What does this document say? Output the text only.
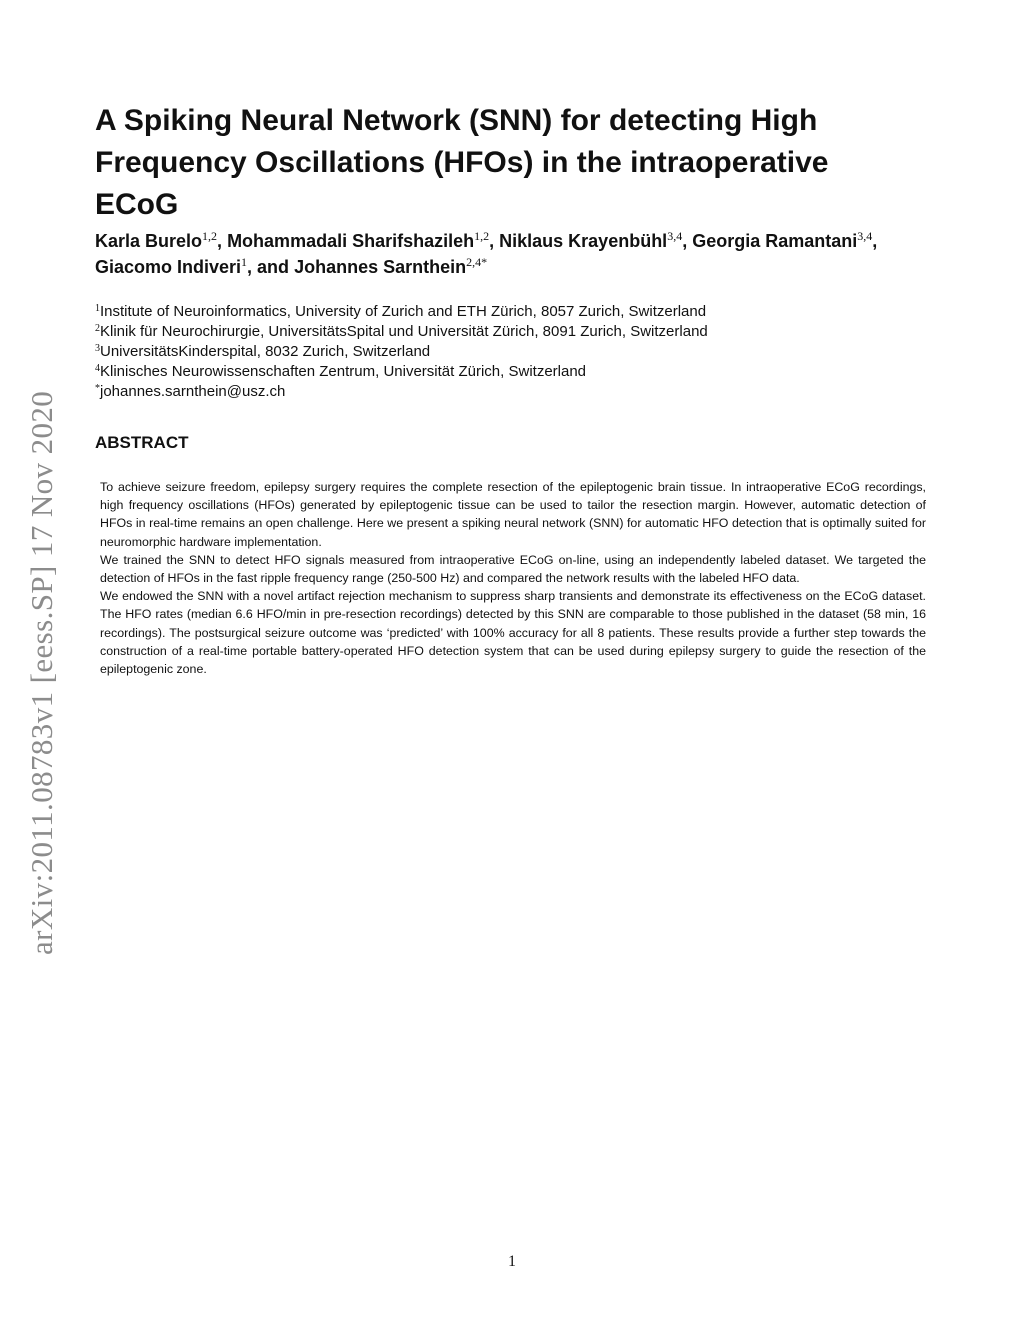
arXiv:2011.08783v1 [eess.SP] 17 Nov 2020
A Spiking Neural Network (SNN) for detecting High Frequency Oscillations (HFOs) in the intraoperative ECoG
Karla Burelo$^{1,2}$, Mohammadali Sharifshazileh$^{1,2}$, Niklaus Krayenbühl$^{3,4}$, Georgia Ramantani$^{3,4}$, Giacomo Indiveri$^1$, and Johannes Sarnthein$^{2,4*}$
$^1$Institute of Neuroinformatics, University of Zurich and ETH Zürich, 8057 Zurich, Switzerland
$^2$Klinik für Neurochirurgie, UniversitätsSpital und Universität Zürich, 8091 Zurich, Switzerland
$^3$UniversitätsKinderspital, 8032 Zurich, Switzerland
$^4$Klinisches Neurowissenschaften Zentrum, Universität Zürich, Switzerland
*johannes.sarnthein@usz.ch
ABSTRACT

To achieve seizure freedom, epilepsy surgery requires the complete resection of the epileptogenic brain tissue. In intraoperative ECoG recordings, high frequency oscillations (HFOs) generated by epileptogenic tissue can be used to tailor the resection margin. However, automatic detection of HFOs in real-time remains an open challenge. Here we present a spiking neural network (SNN) for automatic HFO detection that is optimally suited for neuromorphic hardware implementation.

We trained the SNN to detect HFO signals measured from intraoperative ECoG on-line, using an independently labeled dataset. We targeted the detection of HFOs in the fast ripple frequency range (250-500 Hz) and compared the network results with the labeled HFO data.

We endowed the SNN with a novel artifact rejection mechanism to suppress sharp transients and demonstrate its effectiveness on the ECoG dataset. The HFO rates (median 6.6 HFO/min in pre-resection recordings) detected by this SNN are comparable to those published in the dataset (58 min, 16 recordings). The postsurgical seizure outcome was ‘predicted’ with 100% accuracy for all 8 patients. These results provide a further step towards the construction of a real-time portable battery-operated HFO detection system that can be used during epilepsy surgery to guide the resection of the epileptogenic zone.

1
